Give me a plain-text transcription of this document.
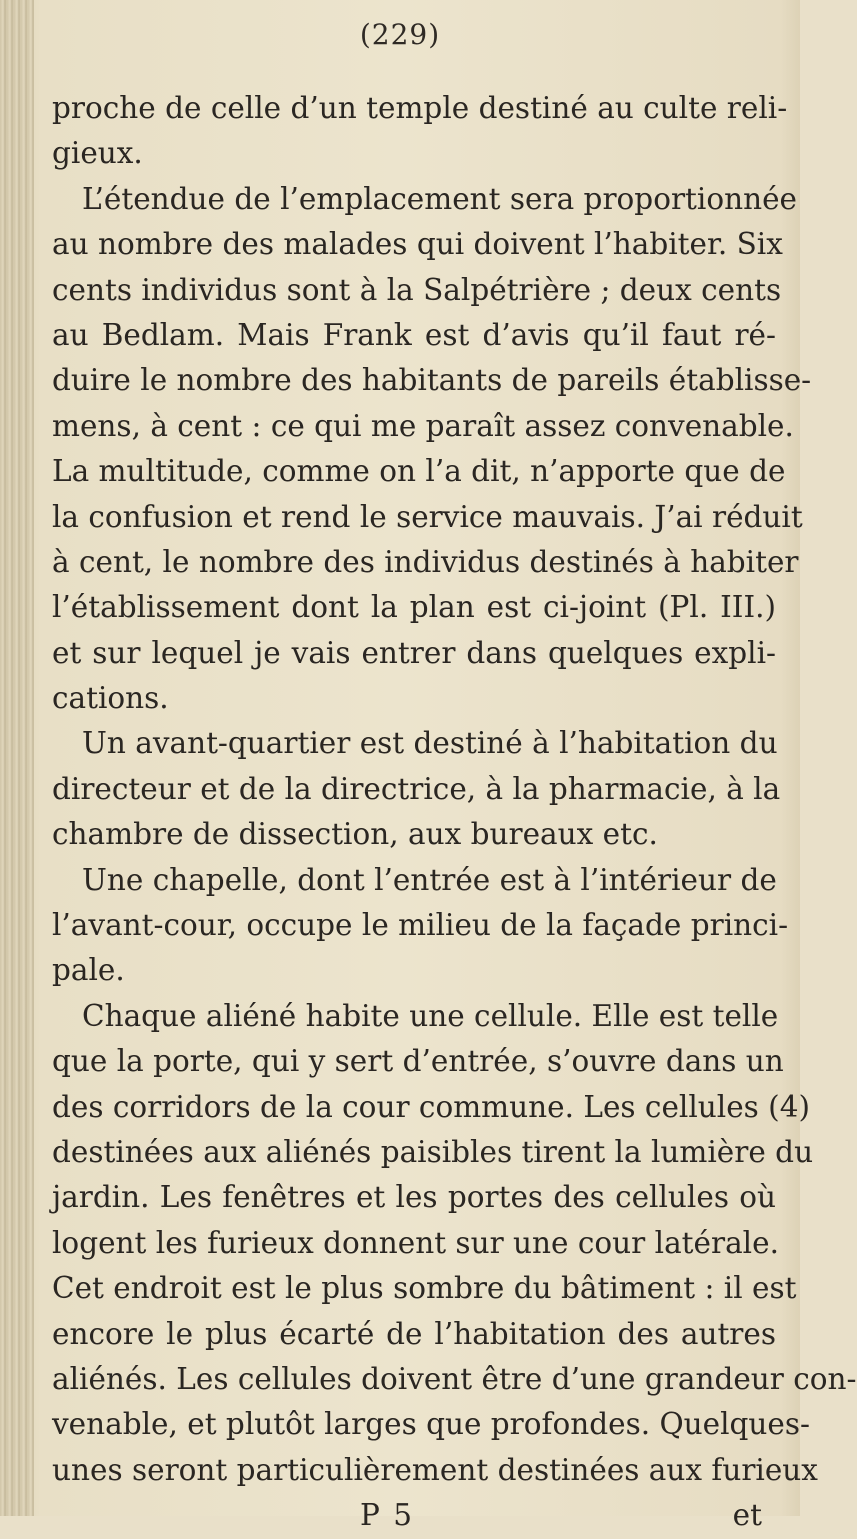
(229)
proche de celle d’un temple destiné au culte reli-
gieux.
L’étendue de l’emplacement sera proportionnée
au nombre des malades qui doivent l’habiter. Six
cents individus sont à la Salpétrière ; deux cents
au Bedlam. Mais Frank est d’avis qu’il faut ré-
duire le nombre des habitants de pareils établisse-
mens, à cent : ce qui me paraît assez convenable.
La multitude, comme on l’a dit, n’apporte que de
la confusion et rend le service mauvais. J’ai réduit
à cent, le nombre des individus destinés à habiter
l’établissement dont la plan est ci-joint (Pl. III.)
et sur lequel je vais entrer dans quelques expli-
cations.
Un avant-quartier est destiné à l’habitation du
directeur et de la directrice, à la pharmacie, à la
chambre de dissection, aux bureaux etc.
Une chapelle, dont l’entrée est à l’intérieur de
l’avant-cour, occupe le milieu de la façade princi-
pale.
Chaque aliéné habite une cellule. Elle est telle
que la porte, qui y sert d’entrée, s’ouvre dans un
des corridors de la cour commune. Les cellules (4)
destinées aux aliénés paisibles tirent la lumière du
jardin. Les fenêtres et les portes des cellules où
logent les furieux donnent sur une cour latérale.
Cet endroit est le plus sombre du bâtiment : il est
encore le plus écarté de l’habitation des autres
aliénés. Les cellules doivent être d’une grandeur con-
venable, et plutôt larges que profondes. Quelques-
unes seront particulièrement destinées aux furieux
P 5	et
